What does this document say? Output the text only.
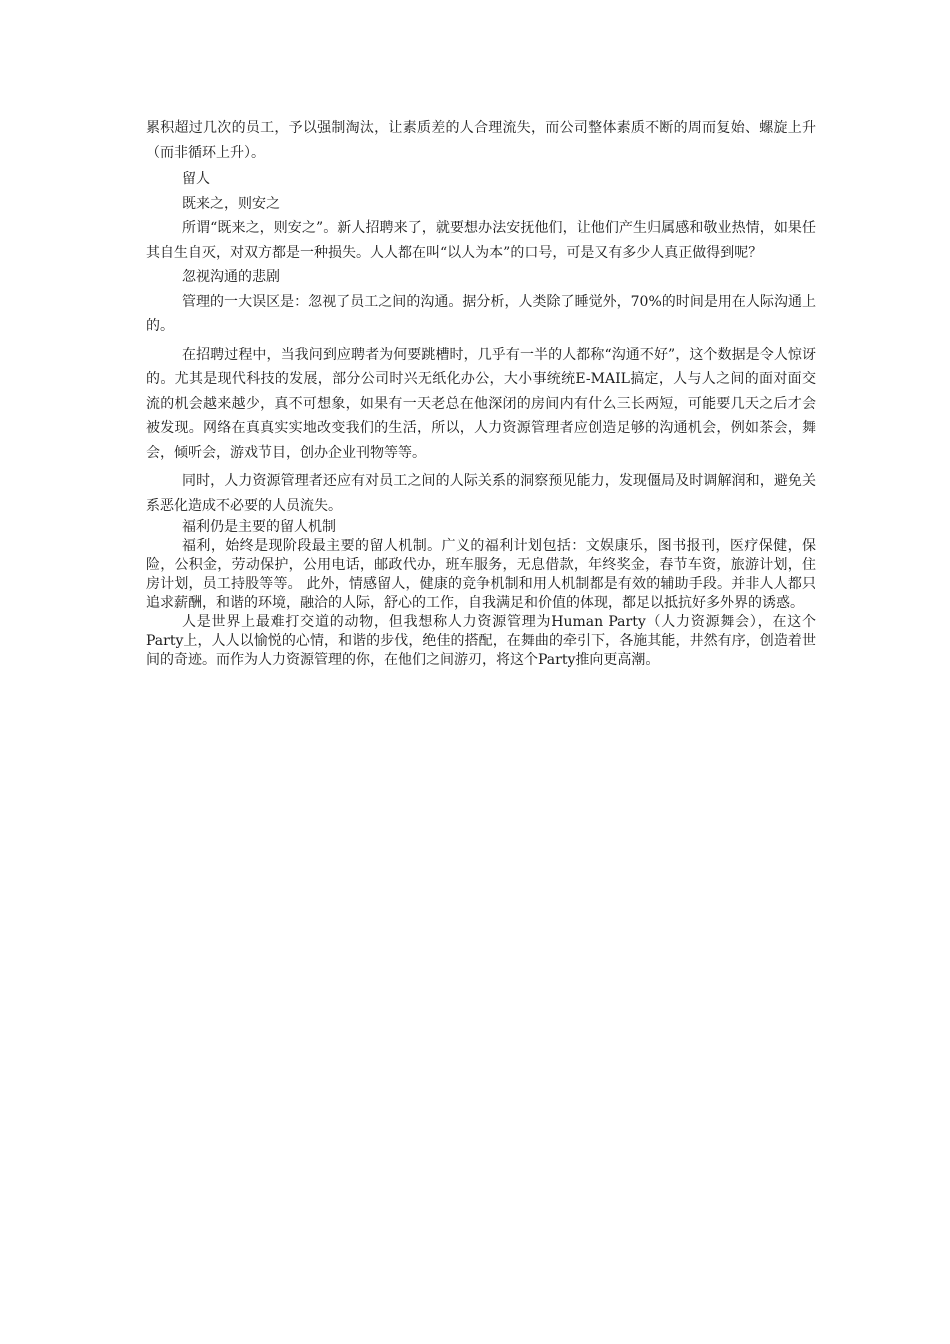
累积超过几次的员工，予以强制淘汰，让素质差的人合理流失，而公司整体素质不断的周而复始、螺旋上升（而非循环上升）。

留人

既来之，则安之

所谓“既来之，则安之”。新人招聘来了，就要想办法安抚他们，让他们产生归属感和敬业热情，如果任其自生自灭，对双方都是一种损失。人人都在叫“以人为本”的口号，可是又有多少人真正做得到呢？

忽视沟通的悲剧

管理的一大误区是：忽视了员工之间的沟通。据分析，人类除了睡觉外，70%的时间是用在人际沟通上的。

在招聘过程中，当我问到应聘者为何要跳槽时，几乎有一半的人都称“沟通不好”，这个数据是令人惊讶的。尤其是现代科技的发展，部分公司时兴无纸化办公，大小事统统E-MAIL搞定，人与人之间的面对面交流的机会越来越少，真不可想象，如果有一天老总在他深闭的房间内有什么三长两短，可能要几天之后才会被发现。网络在真真实实地改变我们的生活，所以，人力资源管理者应创造足够的沟通机会，例如茶会，舞会，倾听会，游戏节目，创办企业刊物等等。

同时，人力资源管理者还应有对员工之间的人际关系的洞察预见能力，发现僵局及时调解润和，避免关系恶化造成不必要的人员流失。

福利仍是主要的留人机制

福利，始终是现阶段最主要的留人机制。广义的福利计划包括：文娱康乐，图书报刊，医疗保健，保险，公积金，劳动保护，公用电话，邮政代办，班车服务，无息借款，年终奖金，春节车资，旅游计划，住房计划，员工持股等等。 此外，情感留人，健康的竞争机制和用人机制都是有效的辅助手段。并非人人都只追求薪酬，和谐的环境，融洽的人际，舒心的工作，自我满足和价值的体现，都足以抵抗好多外界的诱惑。

人是世界上最难打交道的动物，但我想称人力资源管理为Human Party（人力资源舞会），在这个Party上，人人以愉悦的心情，和谐的步伐，绝佳的搭配，在舞曲的牵引下，各施其能，井然有序，创造着世间的奇迹。而作为人力资源管理的你，在他们之间游刃，将这个Party推向更高潮。
